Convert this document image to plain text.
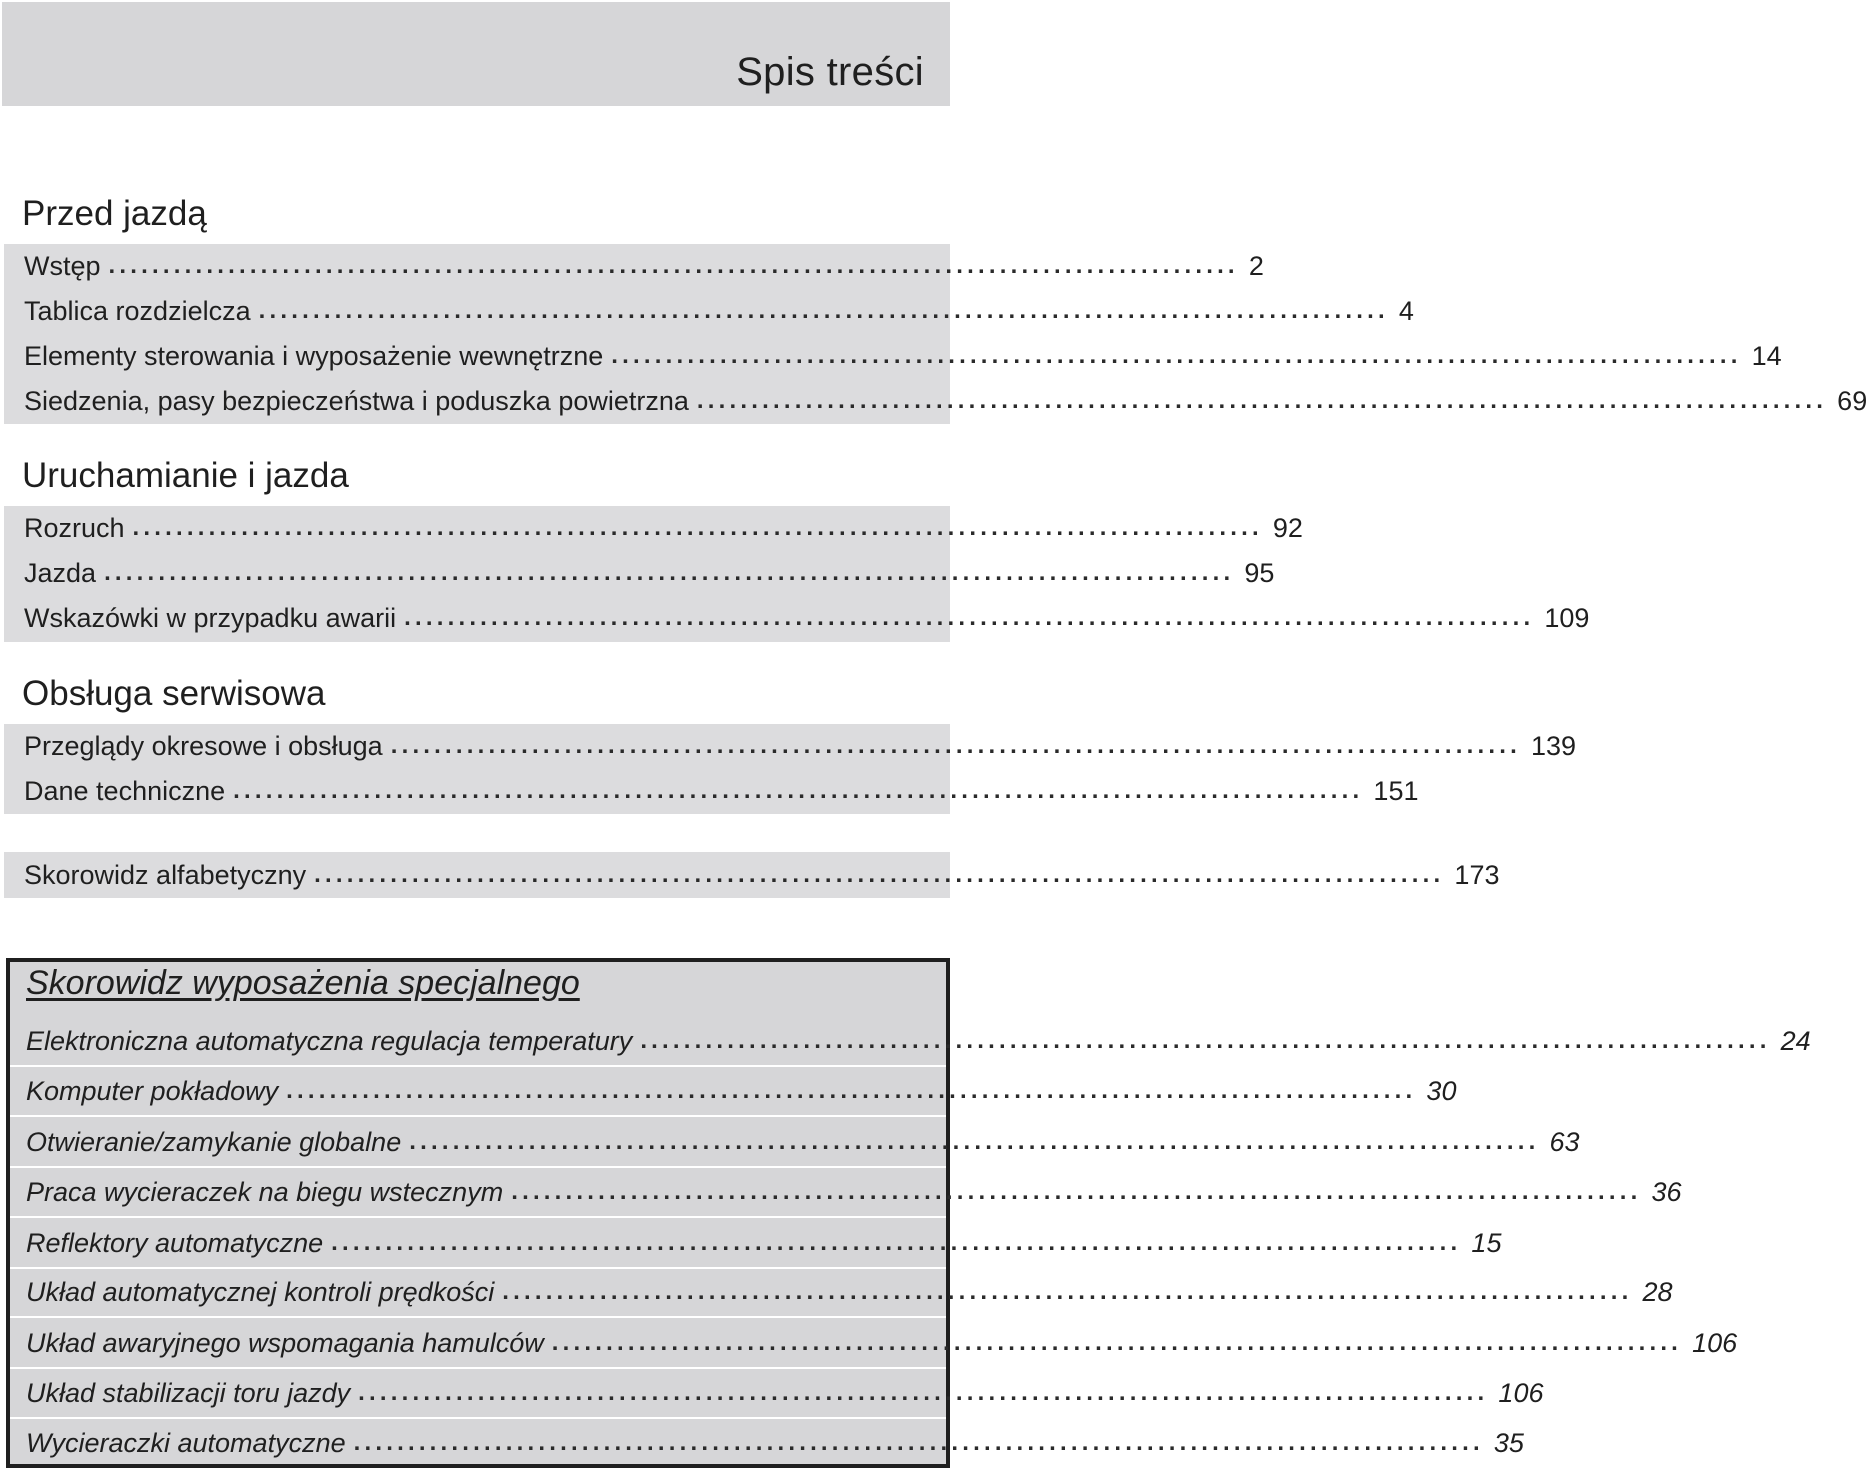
Spis treści
Przed jazdą
Wstęp ........................................................................................................ 2
Tablica rozdzielcza ........................................................................................................ 4
Elementy sterowania i wyposażenie wewnętrzne ........................................................................................................ 14
Siedzenia, pasy bezpieczeństwa i poduszka powietrzna ........................................................................................................ 69
Uruchamianie i jazda
Rozruch ........................................................................................................ 92
Jazda ........................................................................................................ 95
Wskazówki w przypadku awarii ........................................................................................................ 109
Obsługa serwisowa
Przeglądy okresowe i obsługa ........................................................................................................ 139
Dane techniczne ........................................................................................................ 151
Skorowidz alfabetyczny ........................................................................................................ 173
Skorowidz wyposażenia specjalnego
Elektroniczna automatyczna regulacja temperatury ........................................................................................................ 24
Komputer pokładowy ........................................................................................................ 30
Otwieranie/zamykanie globalne ........................................................................................................ 63
Praca wycieraczek na biegu wstecznym ........................................................................................................ 36
Reflektory automatyczne ........................................................................................................ 15
Układ automatycznej kontroli prędkości ........................................................................................................ 28
Układ awaryjnego wspomagania hamulców ........................................................................................................ 106
Układ stabilizacji toru jazdy ........................................................................................................ 106
Wycieraczki automatyczne ........................................................................................................ 35
